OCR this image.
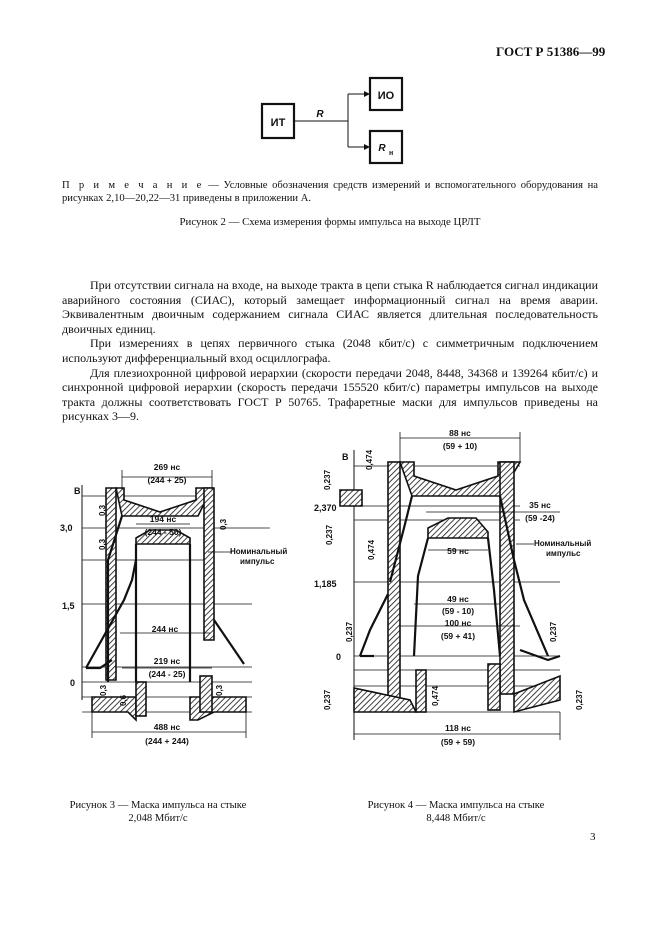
ГОСТ Р 51386—99
ИТ
R
ИО
R н
В
3,0
1,5
0
269 нс
(244 + 25)
194 нс
(244 - 50)
244 нс
219 нс
(244 - 25)
488 нс
(244 + 244)
Номинальный
импульс
0,3
0,3
0,3
0,3
0,6
0,3
В
2,370
1,185
0
88 нс
(59 + 10)
35 нс
(59 -24)
59 нс
49 нс
(59 - 10)
100 нс
(59 + 41)
118 нс
(59 + 59)
Номинальный
импульс
0,237
0,474
0,237
0,474
0,237	0,237
0,237	0,474	0,237
П р и м е ч а н и е — Условные обозначения средств измерений и вспомогательного оборудования на рисунках 2,10—20,22—31 приведены в приложении А.
Рисунок 2 — Схема измерения формы импульса на выходе ЦРЛТ

При отсутствии сигнала на входе, на выходе тракта в цепи стыка R наблюдается сигнал индикации аварийного состояния (СИАС), который замещает информационный сигнал на время аварии. Эквивалентным двоичным содержанием сигнала СИАС является длительная последовательность двоичных единиц.

При измерениях в цепях первичного стыка (2048 кбит/с) с симметричным подключением используют дифференциальный вход осциллографа.

Для плезиохронной цифровой иерархии (скорости передачи 2048, 8448, 34368 и 139264 кбит/с) и синхронной цифровой иерархии (скорость передачи 155520 кбит/с) параметры импульсов на выходе тракта должны соответствовать ГОСТ Р 50765. Трафаретные маски для импульсов приведены на рисунках 3—9.

Рисунок 3 — Маска импульса на стыке
2,048 Мбит/с
Рисунок 4 — Маска импульса на стыке
8,448 Мбит/с
3
